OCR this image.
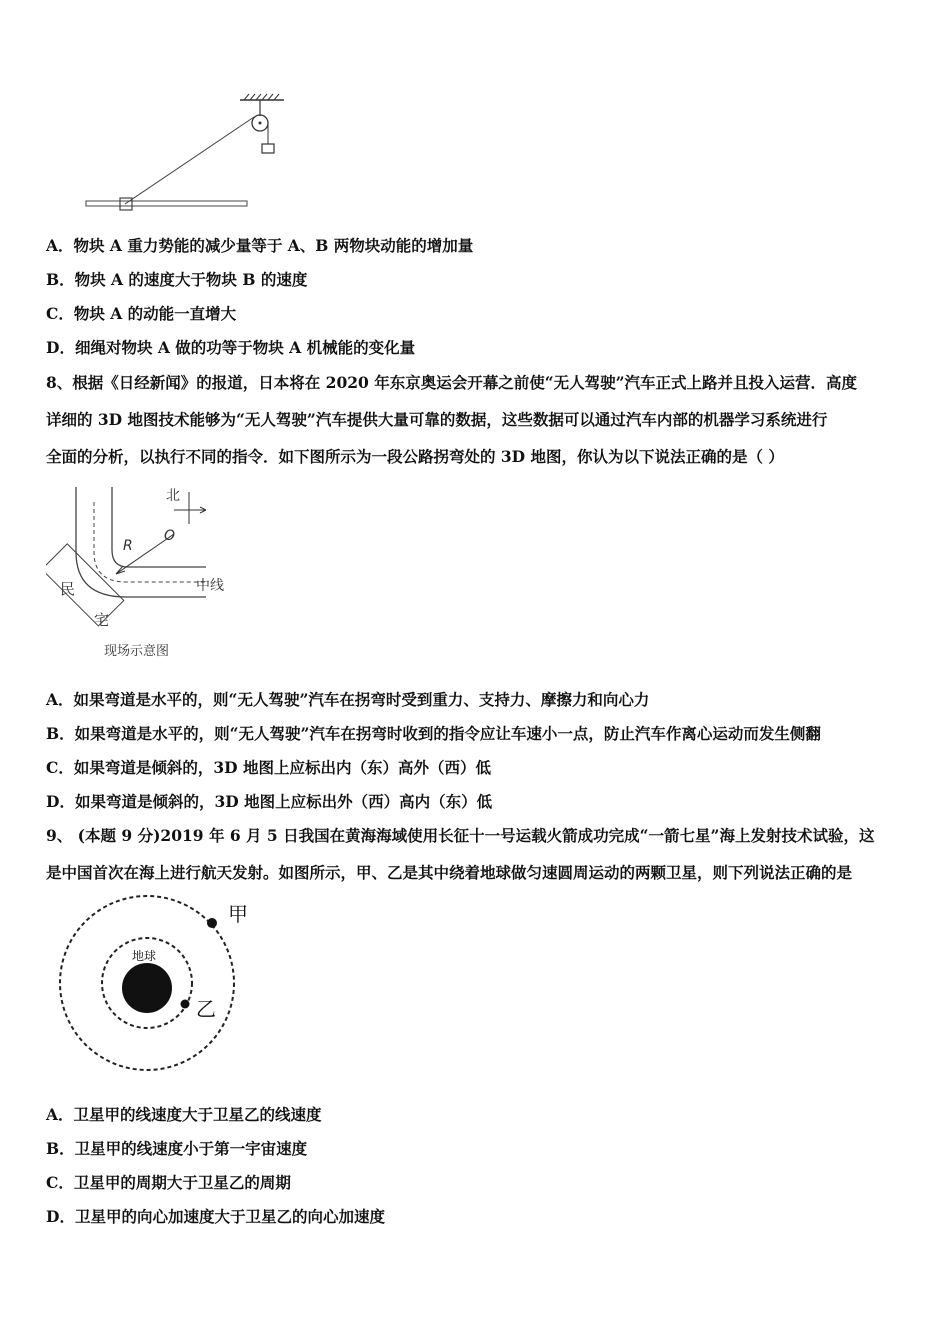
A．物块 A 重力势能的减少量等于 A、B 两物块动能的增加量
B．物块 A 的速度大于物块 B 的速度
C．物块 A 的动能一直增大
D．细绳对物块 A 做的功等于物块 A 机械能的变化量
8、根据《日经新闻》的报道，日本将在 2020 年东京奥运会开幕之前使“无人驾驶”汽车正式上路并且投入运营．高度
详细的 3D 地图技术能够为“无人驾驶”汽车提供大量可靠的数据，这些数据可以通过汽车内部的机器学习系统进行
全面的分析，以执行不同的指令．如下图所示为一段公路拐弯处的 3D 地图，你认为以下说法正确的是（ ）
R
O
北
中线
民
宅
现场示意图
A．如果弯道是水平的，则“无人驾驶”汽车在拐弯时受到重力、支持力、摩擦力和向心力
B．如果弯道是水平的，则“无人驾驶”汽车在拐弯时收到的指令应让车速小一点，防止汽车作离心运动而发生侧翻
C．如果弯道是倾斜的，3D 地图上应标出内（东）高外（西）低
D．如果弯道是倾斜的，3D 地图上应标出外（西）高内（东）低
9、 (本题 9 分)2019 年 6 月 5 日我国在黄海海域使用长征十一号运载火箭成功完成“一箭七星”海上发射技术试验，这
是中国首次在海上进行航天发射。如图所示，甲、乙是其中绕着地球做匀速圆周运动的两颗卫星，则下列说法正确的是
地球
甲
乙
A．卫星甲的线速度大于卫星乙的线速度
B．卫星甲的线速度小于第一宇宙速度
C．卫星甲的周期大于卫星乙的周期
D．卫星甲的向心加速度大于卫星乙的向心加速度
